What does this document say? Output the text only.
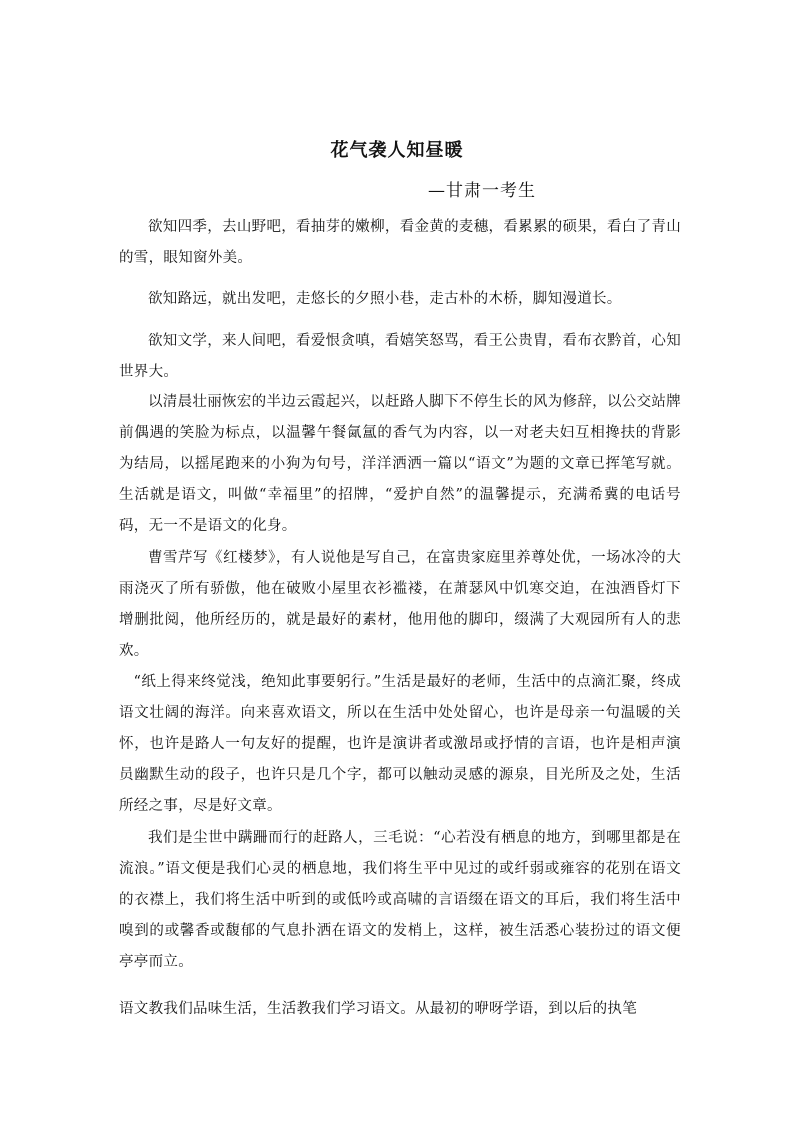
花气袭人知昼暖
—甘肃一考生

欲知四季，去山野吧，看抽芽的嫩柳，看金黄的麦穗，看累累的硕果，看白了青山的雪，眼知窗外美。

欲知路远，就出发吧，走悠长的夕照小巷，走古朴的木桥，脚知漫道长。

欲知文学，来人间吧，看爱恨贪嗔，看嬉笑怒骂，看王公贵胄，看布衣黔首，心知世界大。

以清晨壮丽恢宏的半边云霞起兴，以赶路人脚下不停生长的风为修辞，以公交站牌前偶遇的笑脸为标点，以温馨午餐氤氲的香气为内容，以一对老夫妇互相搀扶的背影为结局，以摇尾跑来的小狗为句号，洋洋洒洒一篇以“语文”为题的文章已挥笔写就。生活就是语文，叫做“幸福里”的招牌，“爱护自然”的温馨提示，充满希冀的电话号码，无一不是语文的化身。

曹雪芹写《红楼梦》，有人说他是写自己，在富贵家庭里养尊处优，一场冰冷的大雨浇灭了所有骄傲，他在破败小屋里衣衫褴褛，在萧瑟风中饥寒交迫，在浊酒昏灯下增删批阅，他所经历的，就是最好的素材，他用他的脚印，缀满了大观园所有人的悲欢。

“纸上得来终觉浅，绝知此事要躬行。”生活是最好的老师，生活中的点滴汇聚，终成语文壮阔的海洋。向来喜欢语文，所以在生活中处处留心，也许是母亲一句温暖的关怀，也许是路人一句友好的提醒，也许是演讲者或激昂或抒情的言语，也许是相声演员幽默生动的段子，也许只是几个字，都可以触动灵感的源泉，目光所及之处，生活所经之事，尽是好文章。

我们是尘世中蹒跚而行的赶路人，三毛说：“心若没有栖息的地方，到哪里都是在流浪。”语文便是我们心灵的栖息地，我们将生平中见过的或纤弱或雍容的花别在语文的衣襟上，我们将生活中听到的或低吟或高啸的言语缀在语文的耳后，我们将生活中嗅到的或馨香或馥郁的气息扑洒在语文的发梢上，这样，被生活悉心装扮过的语文便亭亭而立。

语文教我们品味生活，生活教我们学习语文。从最初的咿呀学语，到以后的执笔
